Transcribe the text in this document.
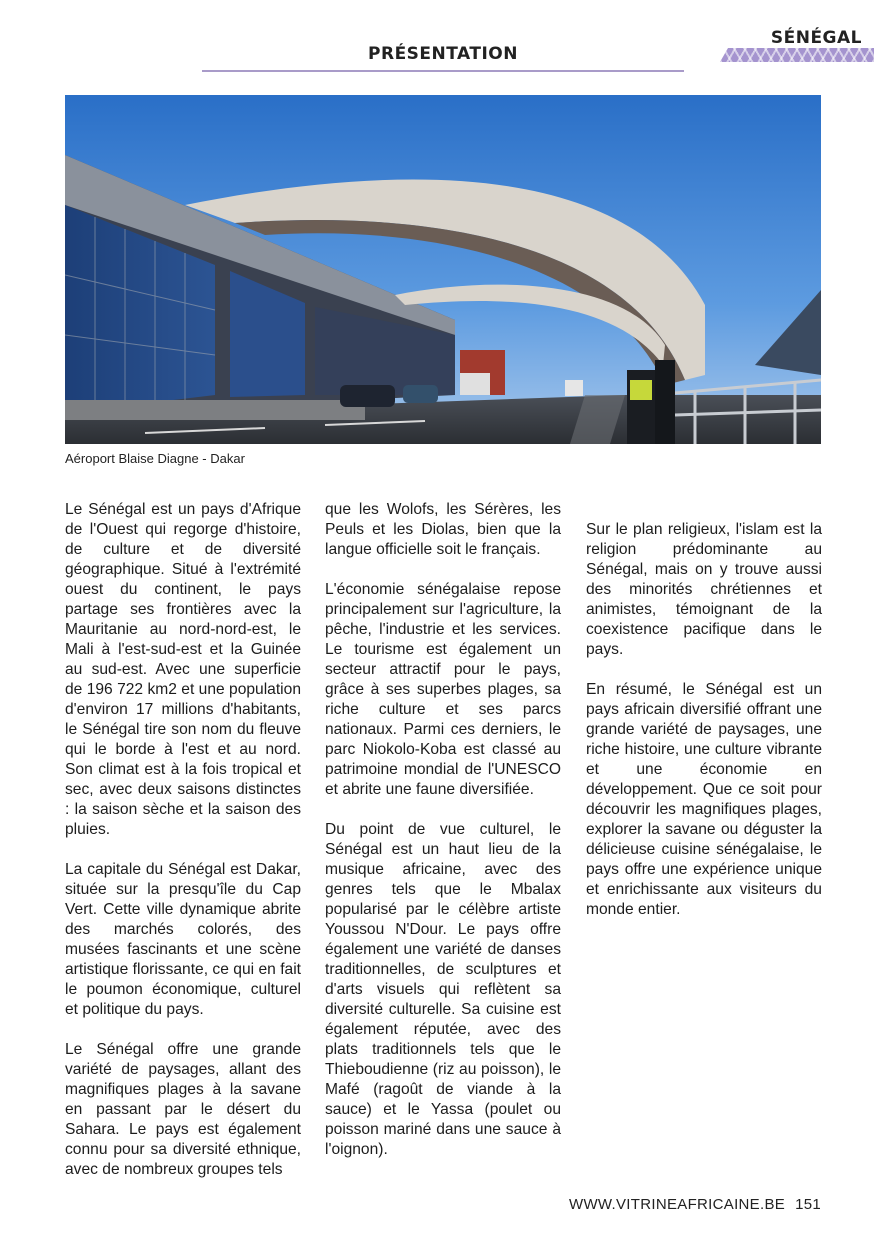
PRÉSENTATION
SÉNÉGAL
Aéroport Blaise Diagne - Dakar

Le Sénégal est un pays d'Afrique de l'Ouest qui regorge d'histoire, de culture et de diversité géographique. Situé à l'extrémité ouest du continent, le pays partage ses frontières avec la Mauritanie au nord-nord-est, le Mali à l'est-sud-est et la Guinée au sud-est. Avec une superficie de 196 722 km2 et une population d'environ 17 millions d'habitants, le Sénégal tire son nom du fleuve qui le borde à l'est et au nord. Son climat est à la fois tropical et sec, avec deux saisons distinctes : la saison sèche et la saison des pluies.

La capitale du Sénégal est Dakar, située sur la presqu'île du Cap Vert. Cette ville dynamique abrite des marchés colorés, des musées fascinants et une scène artistique florissante, ce qui en fait le poumon économique, culturel et politique du pays.

Le Sénégal offre une grande variété de paysages, allant des magnifiques plages à la savane en passant par le désert du Sahara. Le pays est également connu pour sa diversité ethnique, avec de nombreux groupes tels

que les Wolofs, les Sérères, les Peuls et les Diolas, bien que la langue officielle soit le français.

L'économie sénégalaise repose principalement sur l'agriculture, la pêche, l'industrie et les services. Le tourisme est également un secteur attractif pour le pays, grâce à ses superbes plages, sa riche culture et ses parcs nationaux. Parmi ces derniers, le parc Niokolo-Koba est classé au patrimoine mondial de l'UNESCO et abrite une faune diversifiée.

Du point de vue culturel, le Sénégal est un haut lieu de la musique africaine, avec des genres tels que le Mbalax popularisé par le célèbre artiste Youssou N'Dour. Le pays offre également une variété de danses traditionnelles, de sculptures et d'arts visuels qui reflètent sa diversité culturelle. Sa cuisine est également réputée, avec des plats traditionnels tels que le Thieboudienne (riz au poisson), le Mafé (ragoût de viande à la sauce) et le Yassa (poulet ou poisson mariné dans une sauce à l'oignon).

Sur le plan religieux, l'islam est la religion prédominante au Sénégal, mais on y trouve aussi des minorités chrétiennes et animistes, témoignant de la coexistence pacifique dans le pays.

En résumé, le Sénégal est un pays africain diversifié offrant une grande variété de paysages, une riche histoire, une culture vibrante et une économie en développement. Que ce soit pour découvrir les magnifiques plages, explorer la savane ou déguster la délicieuse cuisine sénégalaise, le pays offre une expérience unique et enrichissante aux visiteurs du monde entier.

WWW.VITRINEAFRICAINE.BE 151
